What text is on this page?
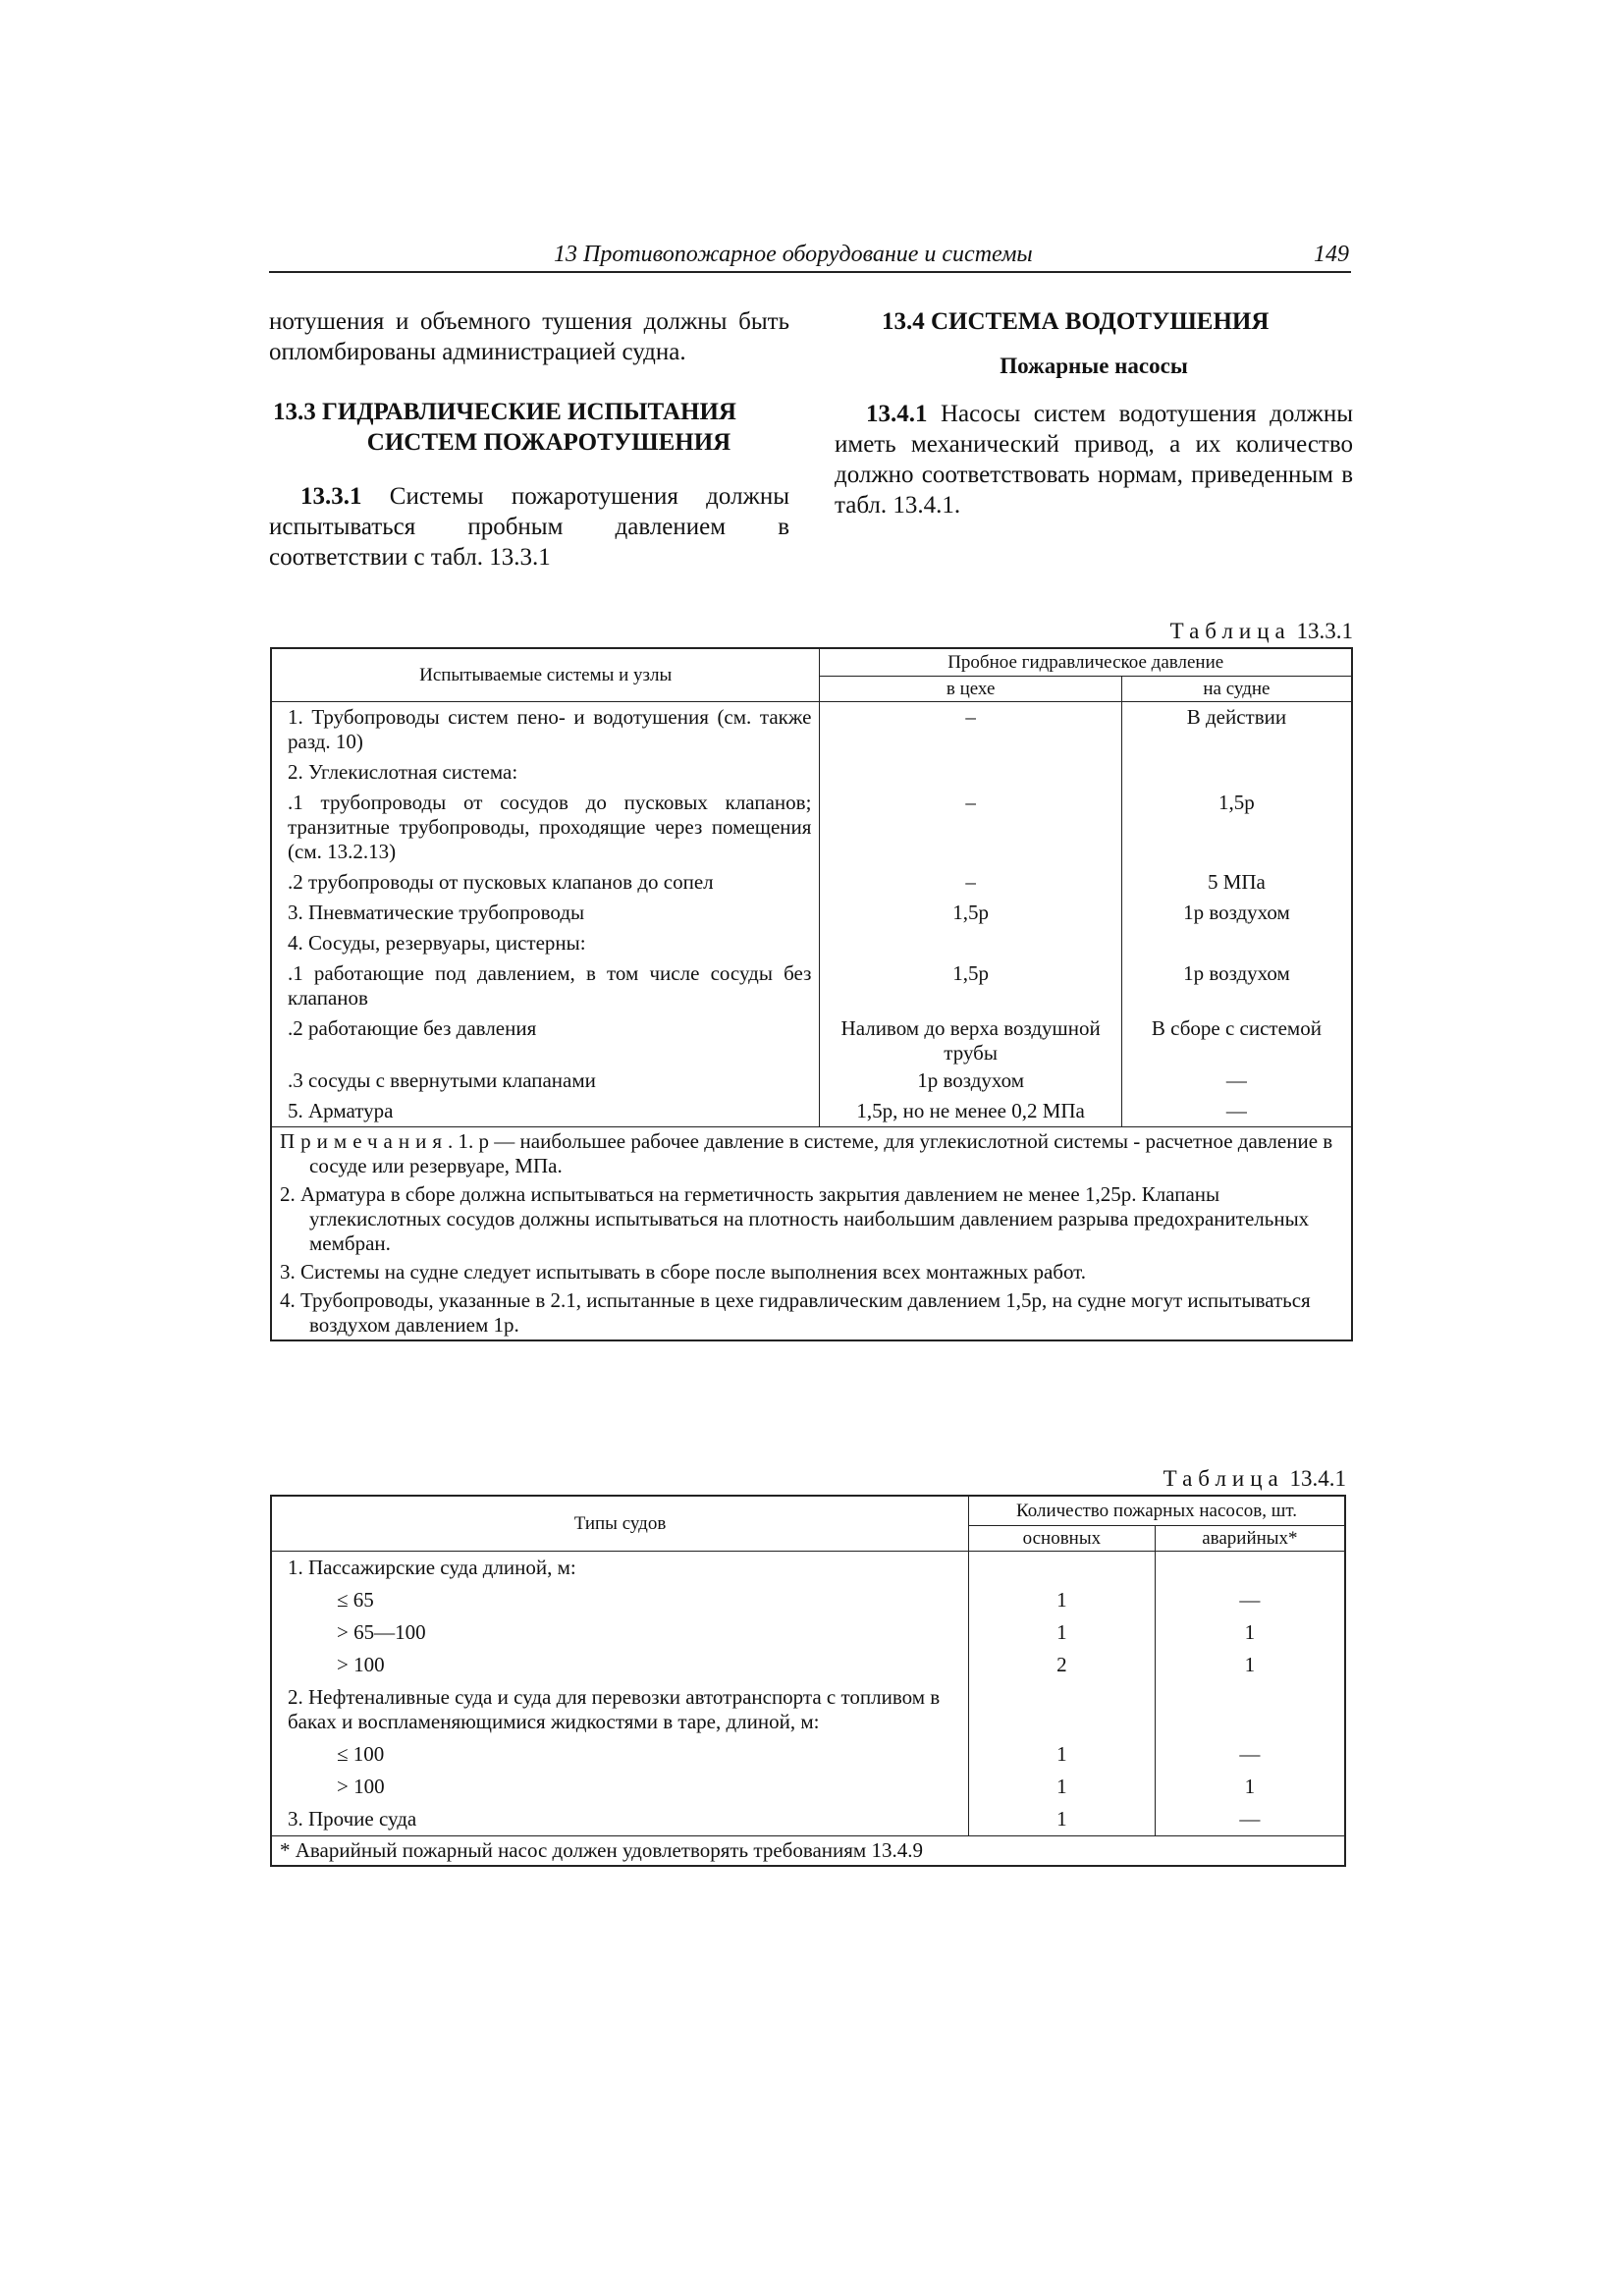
13 Противопожарное оборудование и системы	149

нотушения и объемного тушения должны быть опломбированы администрацией судна.

13.3 ГИДРАВЛИЧЕСКИЕ ИСПЫТАНИЯ
СИСТЕМ ПОЖАРОТУШЕНИЯ

13.3.1 Системы пожаротушения должны испытываться пробным давлением в соответствии с табл. 13.3.1

13.4 СИСТЕМА ВОДОТУШЕНИЯ
Пожарные насосы

13.4.1 Насосы систем водотушения должны иметь механический привод, а их количество должно соответствовать нормам, приведенным в табл. 13.4.1.

Таблица 13.3.1
Испытываемые системы и узлы	Пробное гидравлическое давление	
	в цехе	на судне
1. Трубопроводы систем пено- и водотушения (см. также разд. 10)	–	В действии
2. Углекислотная система:		
.1 трубопроводы от сосудов до пусковых клапанов; транзитные трубопроводы, проходящие через помещения (см. 13.2.13)	–	1,5p
.2 трубопроводы от пусковых клапанов до сопел	–	5 МПа
3. Пневматические трубопроводы	1,5p	1p воздухом
4. Сосуды, резервуары, цистерны:		
.1 работающие под давлением, в том числе сосуды без клапанов	1,5p	1p воздухом
.2 работающие без давления	Наливом до верха воздушной трубы	В сборе с системой
.3 сосуды с ввернутыми клапанами	1p воздухом	—
5. Арматура	1,5p, но не менее 0,2 МПа	—

Примечания. 1. p — наибольшее рабочее давление в системе, для углекислотной системы - расчетное давление в сосуде или резервуаре, МПа.

2. Арматура в сборе должна испытываться на герметичность закрытия давлением не менее 1,25p. Клапаны углекислотных сосудов должны испытываться на плотность наибольшим давлением разрыва предохранительных мембран.

3. Системы на судне следует испытывать в сборе после выполнения всех монтажных работ.

4. Трубопроводы, указанные в 2.1, испытанные в цехе гидравлическим давлением 1,5p, на судне могут испытываться воздухом давлением 1p.		

Таблица 13.4.1
Типы судов	Количество пожарных насосов, шт.	
	основных	аварийных*
1. Пассажирские суда длиной, м:		
≤ 65	1	—
> 65—100	1	1
> 100	2	1
2. Нефтеналивные суда и суда для перевозки автотранспорта с топливом в баках и воспламеняющимися жидкостями в таре, длиной, м:		
≤ 100	1	—
> 100	1	1
3. Прочие суда	1	—
* Аварийный пожарный насос должен удовлетворять требованиям 13.4.9		
